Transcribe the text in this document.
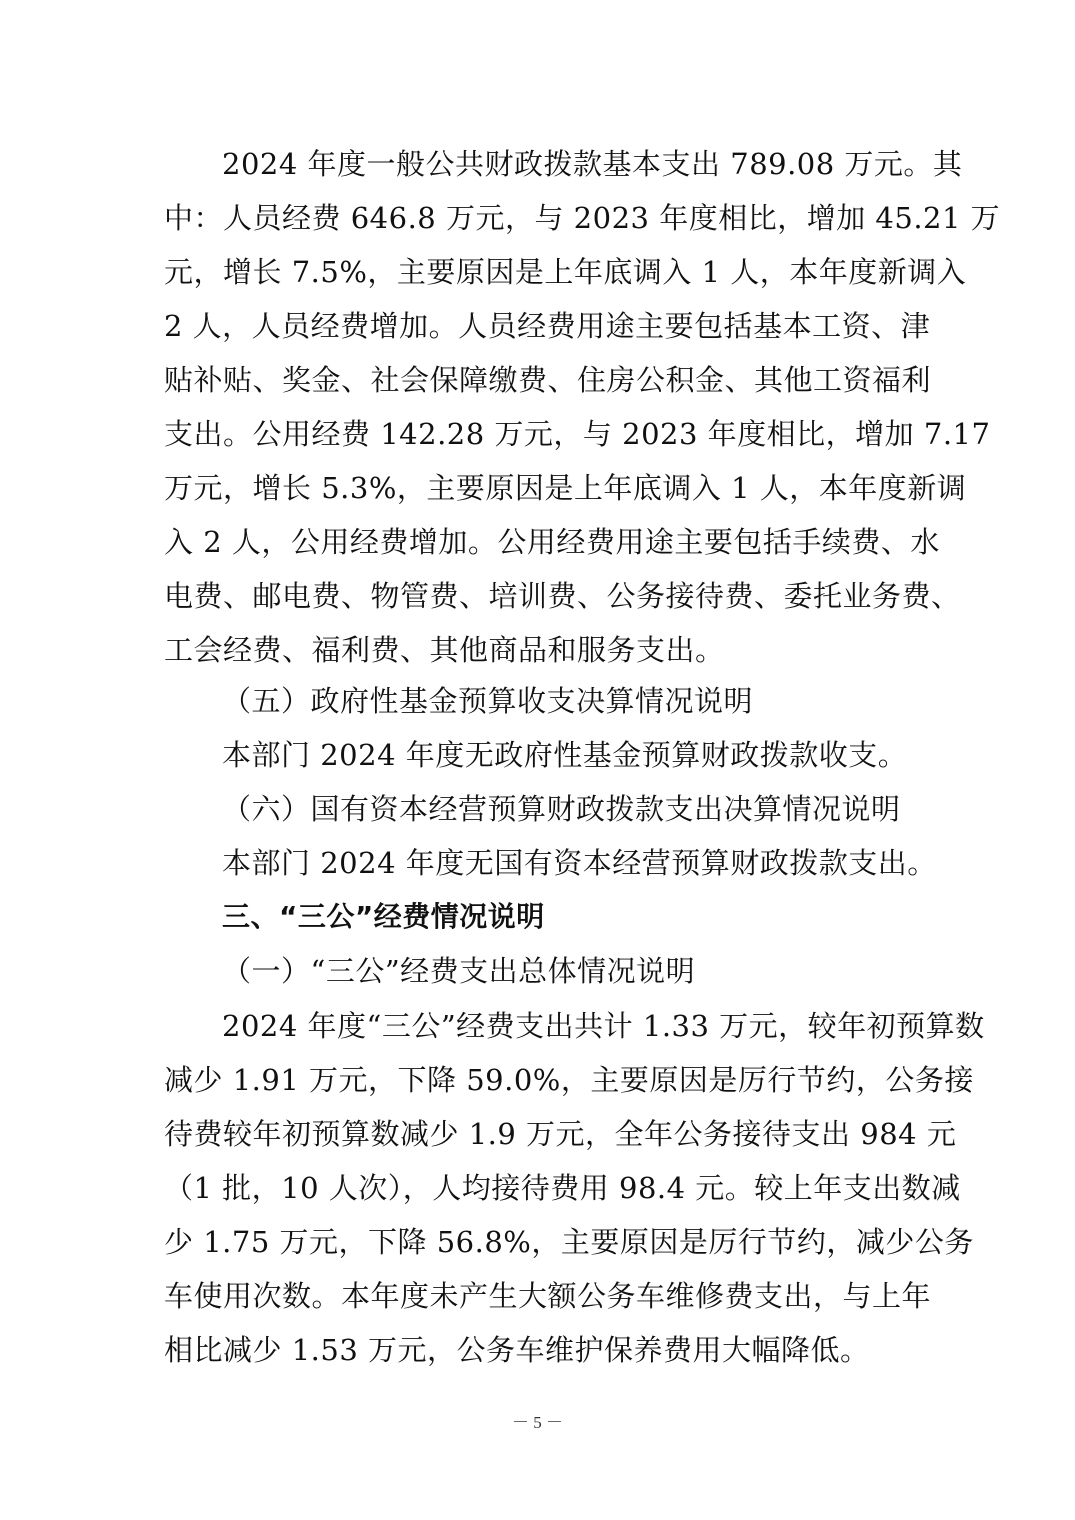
2024 年度一般公共财政拨款基本支出 789.08 万元。其
中：人员经费 646.8 万元，与 2023 年度相比，增加 45.21 万
元，增长 7.5%，主要原因是上年底调入 1 人，本年度新调入
2 人，人员经费增加。人员经费用途主要包括基本工资、津
贴补贴、奖金、社会保障缴费、住房公积金、其他工资福利
支出。公用经费 142.28 万元，与 2023 年度相比，增加 7.17
万元，增长 5.3%，主要原因是上年底调入 1 人，本年度新调
入 2 人，公用经费增加。公用经费用途主要包括手续费、水
电费、邮电费、物管费、培训费、公务接待费、委托业务费、
工会经费、福利费、其他商品和服务支出。
（五）政府性基金预算收支决算情况说明
本部门 2024 年度无政府性基金预算财政拨款收支。
（六）国有资本经营预算财政拨款支出决算情况说明
本部门 2024 年度无国有资本经营预算财政拨款支出。
三、“三公”经费情况说明
（一）“三公”经费支出总体情况说明
2024 年度“三公”经费支出共计 1.33 万元，较年初预算数
减少 1.91 万元，下降 59.0%，主要原因是厉行节约，公务接
待费较年初预算数减少 1.9 万元，全年公务接待支出 984 元
（1 批，10 人次），人均接待费用 98.4 元。较上年支出数减
少 1.75 万元，下降 56.8%，主要原因是厉行节约，减少公务
车使用次数。本年度未产生大额公务车维修费支出，与上年
相比减少 1.53 万元，公务车维护保养费用大幅降低。
－ 5 －
